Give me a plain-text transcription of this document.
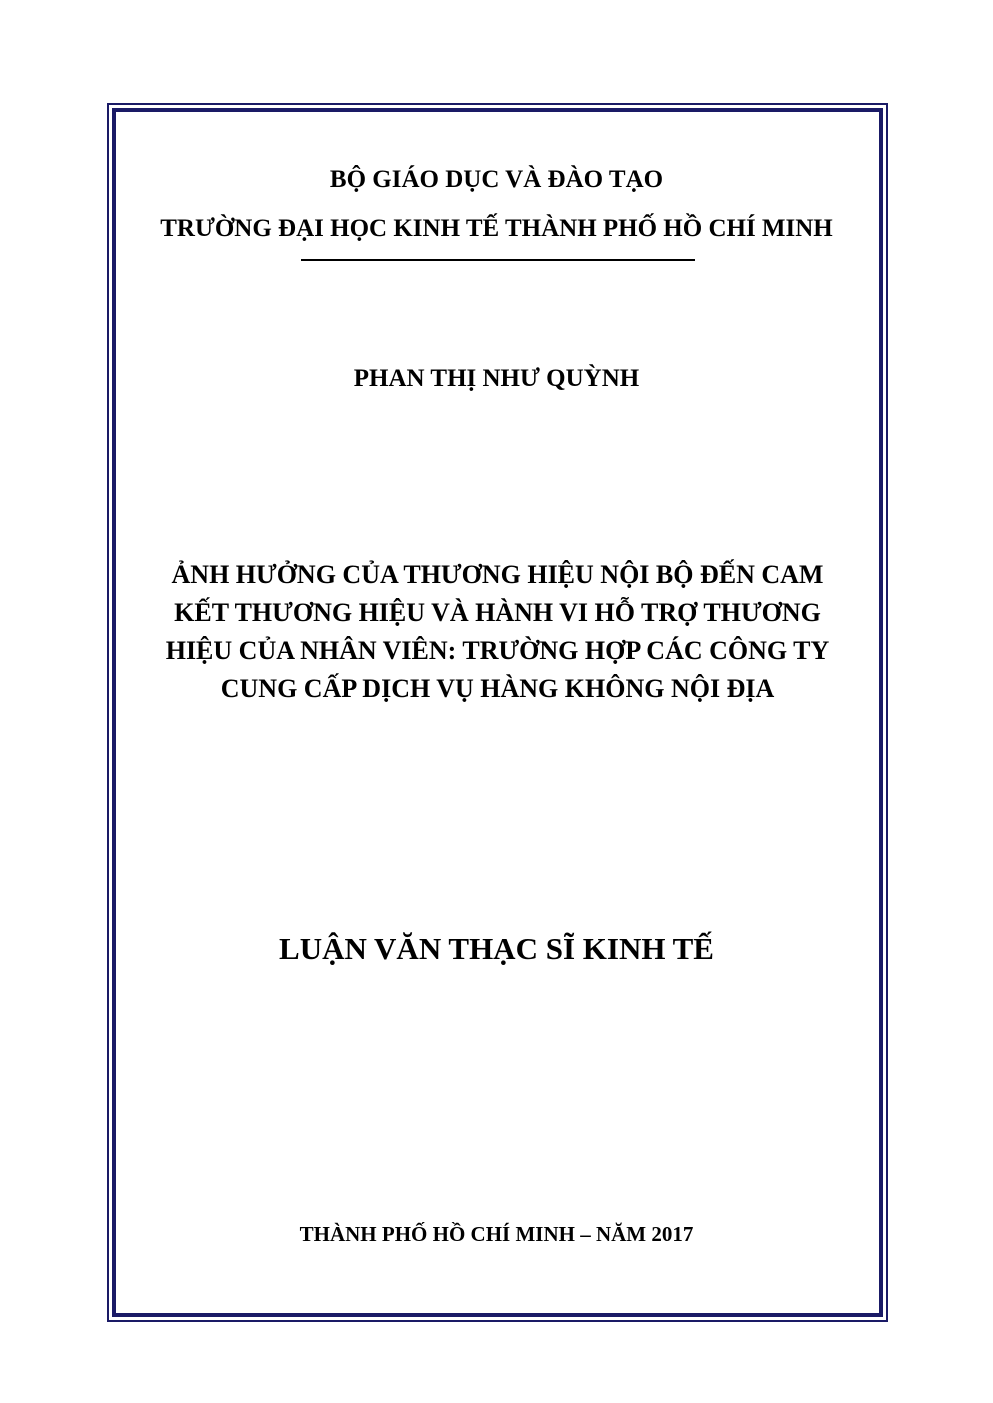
BỘ GIÁO DỤC VÀ ĐÀO TẠO
TRƯỜNG ĐẠI HỌC KINH TẾ THÀNH PHỐ HỒ CHÍ MINH
PHAN THỊ NHƯ QUỲNH
ẢNH HƯỞNG CỦA THƯƠNG HIỆU NỘI BỘ ĐẾN CAM
KẾT THƯƠNG HIỆU VÀ HÀNH VI HỖ TRỢ THƯƠNG
HIỆU CỦA NHÂN VIÊN: TRƯỜNG HỢP CÁC CÔNG TY
CUNG CẤP DỊCH VỤ HÀNG KHÔNG NỘI ĐỊA
LUẬN VĂN THẠC SĨ KINH TẾ
THÀNH PHỐ HỒ CHÍ MINH – NĂM 2017
